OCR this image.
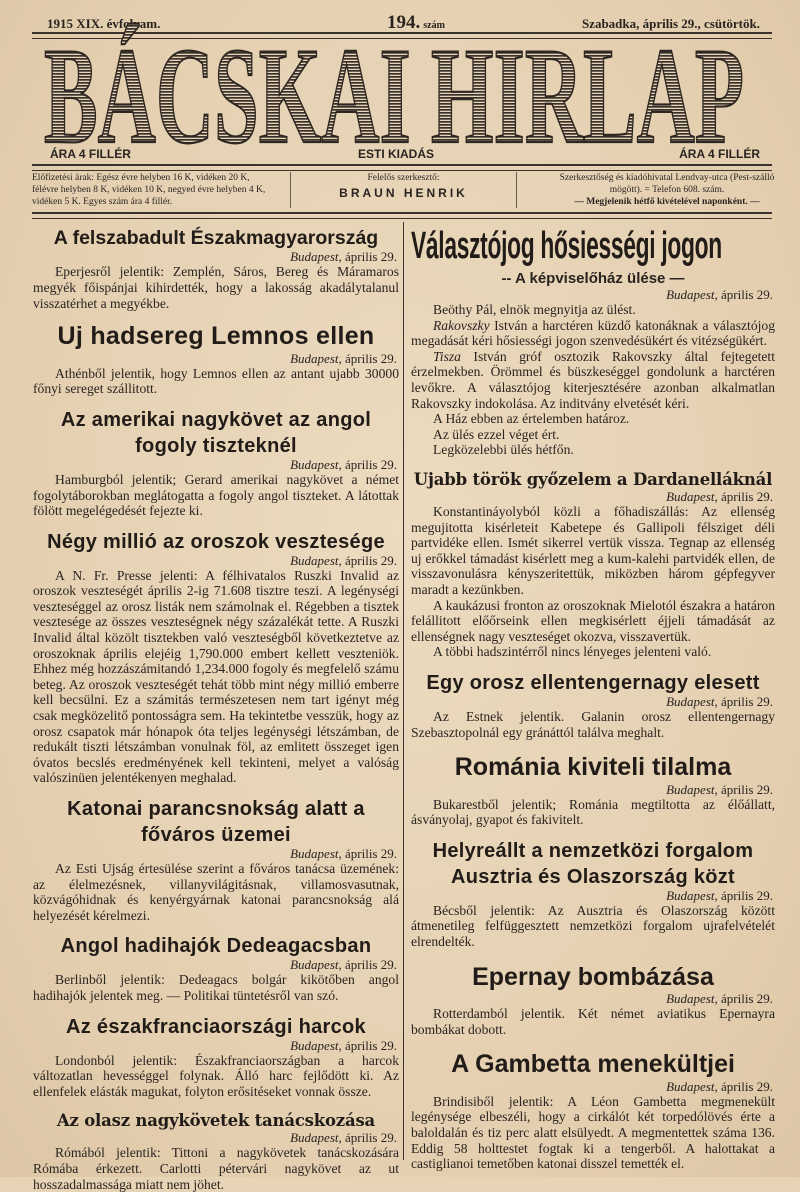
1915 XIX. évfolyam.	194. szám	Szabadka, április 29., csütörtök.
BÁCSKAI HIRLAP
ÁRA 4 FILLÉR	ESTI KIADÁS	ÁRA 4 FILLÉR
Előfizetési árak: Egész évre helyben 16 K, vidéken 20 K, félévre helyben 8 K, vidéken 10 K, negyed évre helyben 4 K, vidéken 5 K. Egyes szám ára 4 fillér.
Felelős szerkesztő:
BRAUN HENRIK
Szerkesztőség és kiadóhivatal Lendvay-utca (Pest-szálló mögött). = Telefon 608. szám.
— Megjelenik hétfő kivételével naponként. —
A felszabadult Északmagyarország
Budapest, április 29.

Eperjesről jelentik: Zemplén, Sáros, Bereg és Máramaros megyék főispánjai kihirdették, hogy a lakosság akadálytalanul visszatérhet a megyékbe.

Uj hadsereg Lemnos ellen
Budapest, április 29.

Athénből jelentik, hogy Lemnos ellen az antant ujabb 30000 főnyi sereget szállitott.

Az amerikai nagykövet az angol
fogoly tiszteknél
Budapest, április 29.

Hamburgból jelentik; Gerard amerikai nagykövet a német fogolytáborokban meglátogatta a fogoly angol tiszteket. A látottak fölött megelégedését fejezte ki.

Négy millió az oroszok vesztesége
Budapest, április 29.

A N. Fr. Presse jelenti: A félhivatalos Ruszki Invalid az oroszok veszteségét április 2-ig 71.608 tisztre teszi. A legénységi veszteséggel az orosz listák nem számolnak el. Régebben a tisztek vesztesége az összes veszteségnek négy százalékát tette. A Ruszki Invalid által közölt tisztekben való veszteségből következtetve az oroszoknak április elejéig 1,790.000 embert kellett veszteniök. Ehhez még hozzászámitandó 1,234.000 fogoly és megfelelő számu beteg. Az oroszok veszteségét tehát több mint négy millió emberre kell becsülni. Ez a számitás természetesen nem tart igényt még csak megközelitő pontosságra sem. Ha tekintetbe vesszük, hogy az orosz csapatok már hónapok óta teljes legénységi létszámban, de redukált tiszti létszámban vonulnak föl, az emlitett összeget igen óvatos becslés eredményének kell tekinteni, melyet a valóság valószinüen jelentékenyen meghalad.

Katonai parancsnokság alatt a
főváros üzemei
Budapest, április 29.

Az Esti Ujság értesülése szerint a főváros tanácsa üzemének: az élelmezésnek, villanyvilágitásnak, villamosvasutnak, közvágóhidnak és kenyérgyárnak katonai parancsnokság alá helyezését kérelmezi.

Angol hadihajók Dedeagacsban
Budapest, április 29.

Berlinből jelentik: Dedeagacs bolgár kikötőben angol hadihajók jelentek meg. — Politikai tüntetésről van szó.

Az északfranciaországi harcok
Budapest, április 29.

Londonból jelentik: Északfranciaországban a harcok változatlan hevességgel folynak. Álló harc fejlődött ki. Az ellenfelek elásták magukat, folyton erősitéseket vonnak össze.

Az olasz nagykövetek tanácskozása
Budapest, április 29.

Rómából jelentik: Tittoni a nagykövetek tanácskozására Rómába érkezett. Carlotti pétervári nagykövet az ut hosszadalmassága miatt nem jöhet.

Választójog hősiességi jogon
-- A képviselőház ülése —
Budapest, április 29.

Beöthy Pál, elnök megnyitja az ülést.

Rakovszky István a harctéren küzdő katonáknak a választójog megadását kéri hősiességi jogon szenvedésükért és vitézségükért.

Tisza István gróf osztozik Rakovszky által fejtegetett érzelmekben. Örömmel és büszkeséggel gondolunk a harctéren levőkre. A választójog kiterjesztésére azonban alkalmatlan Rakovszky indokolása. Az inditvány elvetését kéri.

A Ház ebben az értelemben határoz.

Az ülés ezzel véget ért.

Legközelebbi ülés hétfőn.

Ujabb török győzelem a Dardanelláknál
Budapest, április 29.

Konstantináyolyból közli a főhadiszállás: Az ellenség megujitotta kisérleteit Kabetepe és Gallipoli félsziget déli partvidéke ellen. Ismét sikerrel vertük vissza. Tegnap az ellenség uj erőkkel támadást kisérlett meg a kum-kalehi partvidék ellen, de visszavonulásra kényszeritettük, miközben három gépfegyver maradt a kezünkben.

A kaukázusi fronton az oroszoknak Mielotól északra a határon felállitott előőrseink ellen megkisérlett éjjeli támadását az ellenségnek nagy veszteséget okozva, visszavertük.

A többi hadszintérről nincs lényeges jelenteni való.

Egy orosz ellentengernagy elesett
Budapest, április 29.

Az Estnek jelentik. Galanin orosz ellentengernagy Szebasztopolnál egy gránáttól találva meghalt.

Románia kiviteli tilalma
Budapest, április 29.

Bukarestből jelentik; Románia megtiltotta az élőállatt, ásványolaj, gyapot és fakivitelt.

Helyreállt a nemzetközi forgalom
Ausztria és Olaszország közt
Budapest, április 29.

Bécsből jelentik: Az Ausztria és Olaszország között átmenetileg felfüggesztett nemzetközi forgalom ujrafelvételét elrendelték.

Epernay bombázása
Budapest, április 29.

Rotterdamból jelentik. Két német aviatikus Epernayra bombákat dobott.

A Gambetta menekültjei
Budapest, április 29.

Brindisiből jelentik: A Léon Gambetta megmenekült legénysége elbeszéli, hogy a cirkálót két torpedólövés érte a baloldalán és tiz perc alatt elsülyedt. A megmentettek száma 136. Eddig 58 holttestet fogtak ki a tengerből. A halottakat a castiglianoi temetőben katonai disszel temették el.
